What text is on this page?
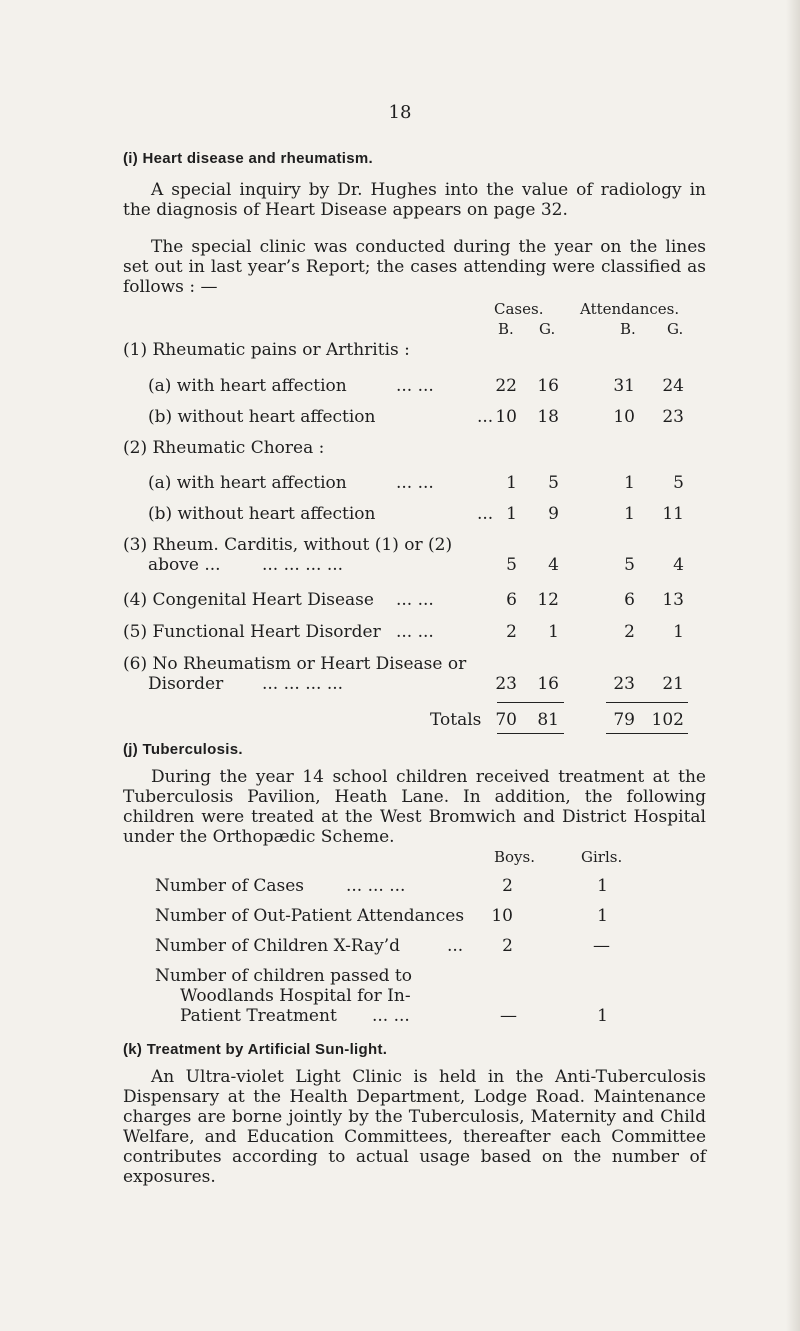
18
(i) Heart disease and rheumatism.

A special inquiry by Dr. Hughes into the value of radiology in the diagnosis of Heart Disease appears on page 32.

The special clinic was conducted during the year on the lines set out in last year’s Report; the cases attending were classified as follows : —

Cases. Attendances.
B. G.	B. G.
(1) Rheumatic pains or Arthritis :
(a) with heart affection	... ...	22 16	31 24
(b) without heart affection	... 10 18	10 23
(2) Rheumatic Chorea :
(a) with heart affection	... ...	1 5	1 5
(b) without heart affection	... 1 9	1 11
(3) Rheum. Carditis, without (1) or (2)
above ... ... ... ... ...	5 4	5 4
(4) Congenital Heart Disease ... ...	6 12	6 13
(5) Functional Heart Disorder ... ...	2 1	2 1
(6) No Rheumatism or Heart Disease or
Disorder ... ... ... ...	23 16	23 21
Totals 70 81	79 102
(j) Tuberculosis.

During the year 14 school children received treatment at the Tuberculosis Pavilion, Heath Lane. In addition, the following children were treated at the West Bromwich and District Hospital under the Orthopædic Scheme.

Boys.	Girls.
Number of Cases ... ... ...	2	1
Number of Out-Patient Attendances 10	1
Number of Children X-Ray’d	... 2	—
Number of children passed to
Woodlands Hospital for In-
Patient Treatment ... ...	—	1
(k) Treatment by Artificial Sun-light.

An Ultra-violet Light Clinic is held in the Anti-Tuberculosis Dispensary at the Health Department, Lodge Road. Maintenance charges are borne jointly by the Tuberculosis, Maternity and Child Welfare, and Education Committees, thereafter each Committee contributes according to actual usage based on the number of exposures.
